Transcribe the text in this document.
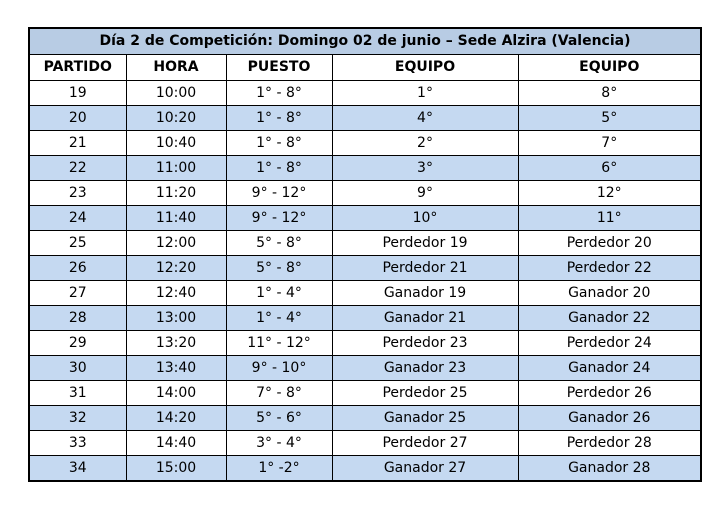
Día 2 de Competición: Domingo 02 de junio – Sede Alzira (Valencia)				
PARTIDO	HORA	PUESTO	EQUIPO	EQUIPO
19	10:00	1° - 8°	1°	8°
20	10:20	1° - 8°	4°	5°
21	10:40	1° - 8°	2°	7°
22	11:00	1° - 8°	3°	6°
23	11:20	9° - 12°	9°	12°
24	11:40	9° - 12°	10°	11°
25	12:00	5° - 8°	Perdedor 19	Perdedor 20
26	12:20	5° - 8°	Perdedor 21	Perdedor 22
27	12:40	1° - 4°	Ganador 19	Ganador 20
28	13:00	1° - 4°	Ganador 21	Ganador 22
29	13:20	11° - 12°	Perdedor 23	Perdedor 24
30	13:40	9° - 10°	Ganador 23	Ganador 24
31	14:00	7° - 8°	Perdedor 25	Perdedor 26
32	14:20	5° - 6°	Ganador 25	Ganador 26
33	14:40	3° - 4°	Perdedor 27	Perdedor 28
34	15:00	1° -2°	Ganador 27	Ganador 28
